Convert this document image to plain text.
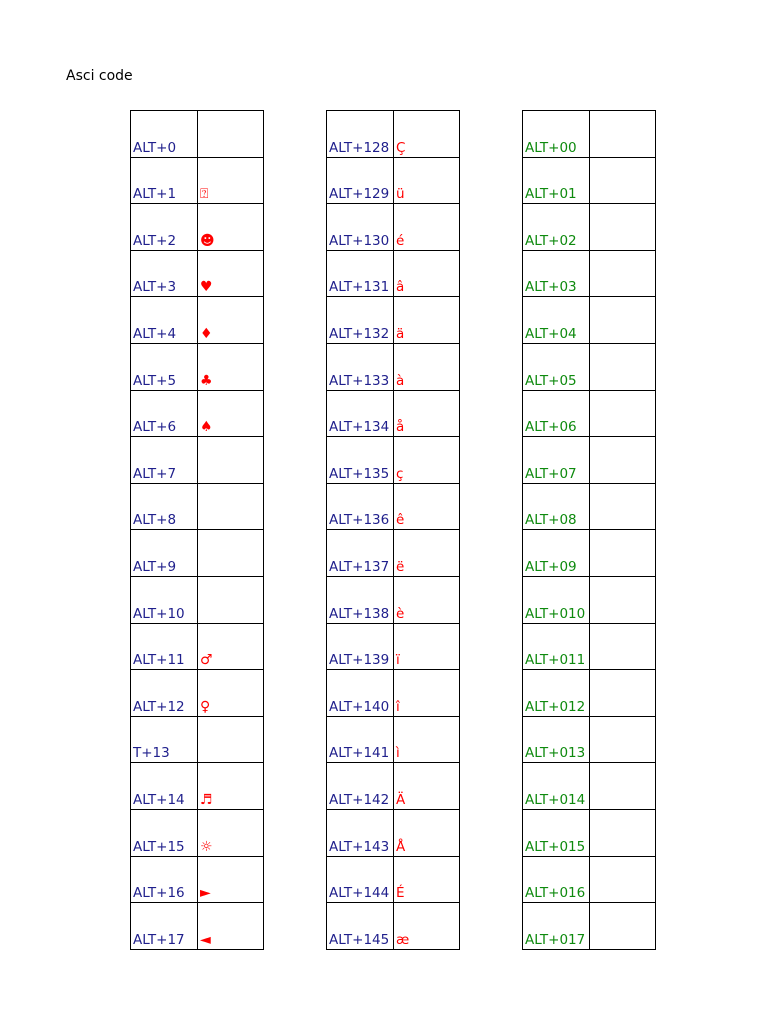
Asci code
ALT+0	
ALT+1	⍰
ALT+2	☻
ALT+3	♥
ALT+4	♦
ALT+5	♣
ALT+6	♠
ALT+7	
ALT+8	
ALT+9	
ALT+10	
ALT+11	♂
ALT+12	♀
T+13	
ALT+14	♬
ALT+15	☼
ALT+16	►
ALT+17	◄
ALT+128	Ç
ALT+129	ü
ALT+130	é
ALT+131	â
ALT+132	ä
ALT+133	à
ALT+134	å
ALT+135	ç
ALT+136	ê
ALT+137	ë
ALT+138	è
ALT+139	ï
ALT+140	î
ALT+141	ì
ALT+142	Ä
ALT+143	Å
ALT+144	É
ALT+145	æ
ALT+00	
ALT+01	
ALT+02	
ALT+03	
ALT+04	
ALT+05	
ALT+06	
ALT+07	
ALT+08	
ALT+09	
ALT+010	
ALT+011	
ALT+012	
ALT+013	
ALT+014	
ALT+015	
ALT+016	
ALT+017	
